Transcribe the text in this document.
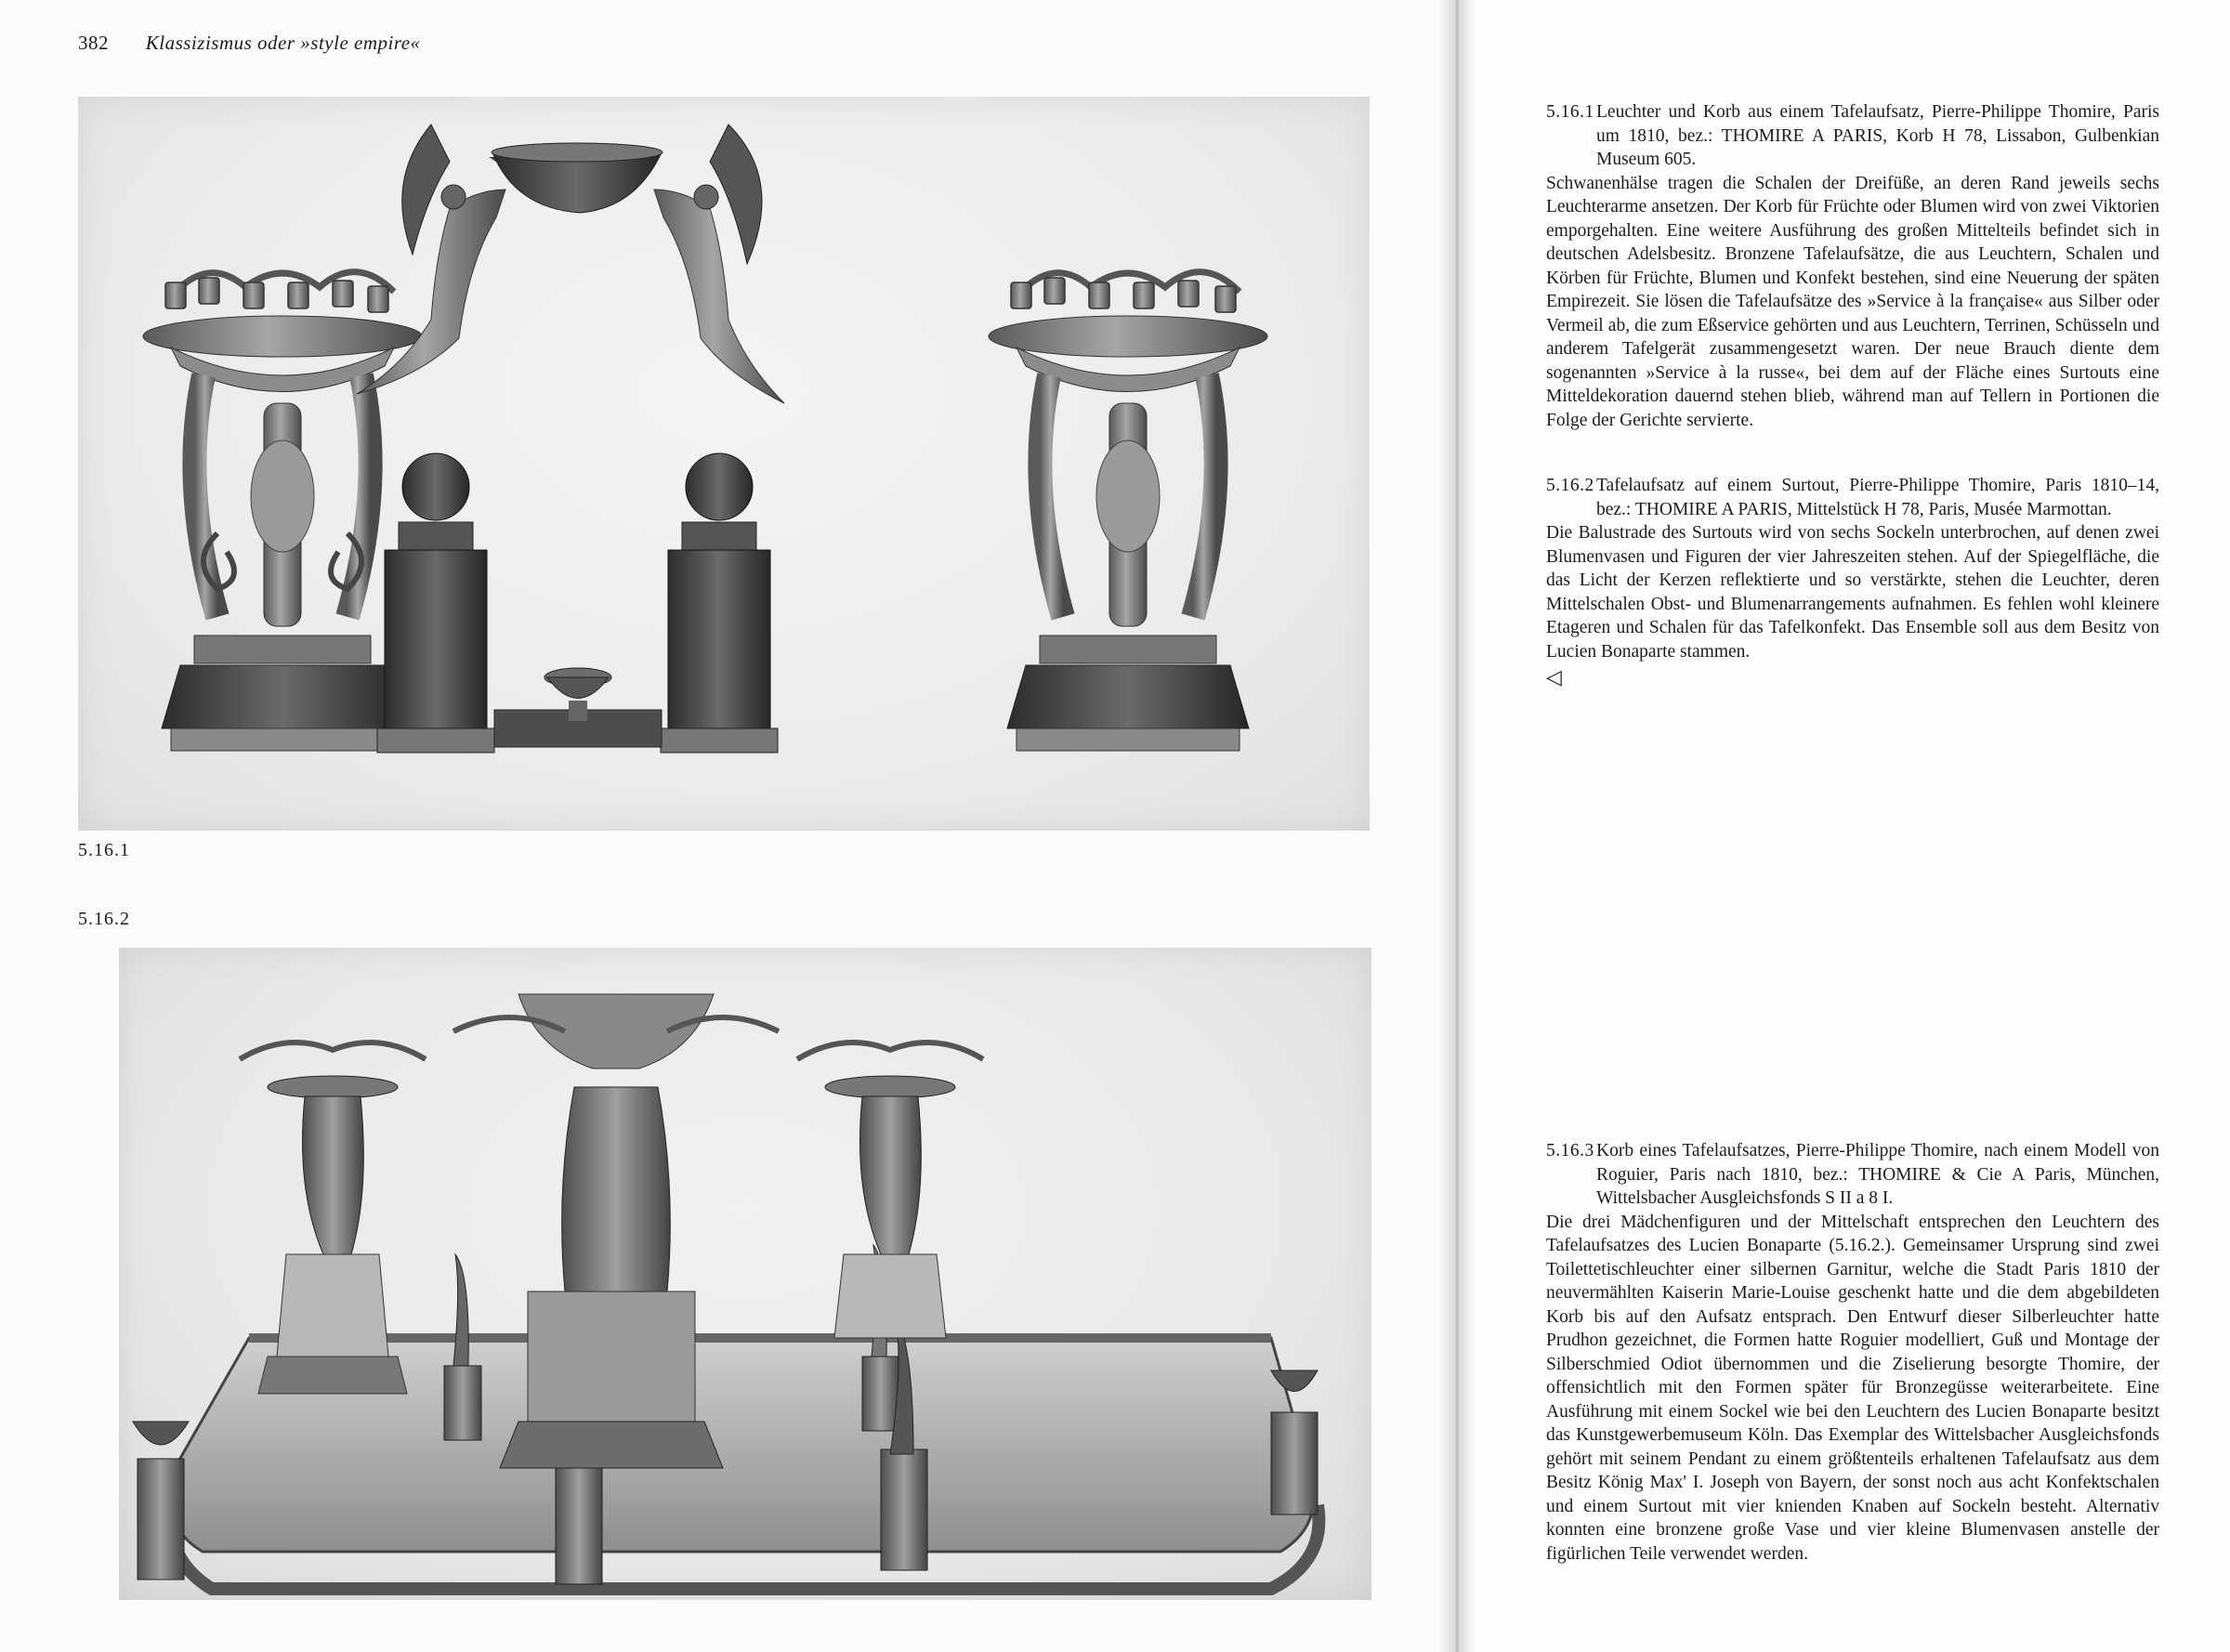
382 Klassizismus oder »style empire«
5.16.1
5.16.2

5.16.1 Leuchter und Korb aus einem Tafelaufsatz, Pierre-Philippe Thomire, Paris um 1810, bez.: THOMIRE A PARIS, Korb H 78, Lissabon, Gulbenkian Museum 605.

Schwanenhälse tragen die Schalen der Dreifüße, an deren Rand jeweils sechs Leuchterarme ansetzen. Der Korb für Früchte oder Blumen wird von zwei Viktorien emporgehalten. Eine weitere Ausführung des großen Mittelteils befindet sich in deutschen Adelsbesitz. Bronzene Tafelaufsätze, die aus Leuchtern, Schalen und Körben für Früchte, Blumen und Konfekt bestehen, sind eine Neuerung der späten Empirezeit. Sie lösen die Tafelaufsätze des »Service à la française« aus Silber oder Vermeil ab, die zum Eßservice gehörten und aus Leuchtern, Terrinen, Schüsseln und anderem Tafelgerät zusammengesetzt waren. Der neue Brauch diente dem sogenannten »Service à la russe«, bei dem auf der Fläche eines Surtouts eine Mitteldekoration dauernd stehen blieb, während man auf Tellern in Portionen die Folge der Gerichte servierte.

5.16.2 Tafelaufsatz auf einem Surtout, Pierre-Philippe Thomire, Paris 1810–14, bez.: THOMIRE A PARIS, Mittelstück H 78, Paris, Musée Marmottan.

Die Balustrade des Surtouts wird von sechs Sockeln unterbrochen, auf denen zwei Blumenvasen und Figuren der vier Jahreszeiten stehen. Auf der Spiegelfläche, die das Licht der Kerzen reflektierte und so verstärkte, stehen die Leuchter, deren Mittelschalen Obst- und Blumenarrangements aufnahmen. Es fehlen wohl kleinere Etageren und Schalen für das Tafelkonfekt. Das Ensemble soll aus dem Besitz von Lucien Bonaparte stammen.

◁

5.16.3 Korb eines Tafelaufsatzes, Pierre-Philippe Thomire, nach einem Modell von Roguier, Paris nach 1810, bez.: THOMIRE & Cie A Paris, München, Wittelsbacher Ausgleichsfonds S II a 8 I.

Die drei Mädchenfiguren und der Mittelschaft entsprechen den Leuchtern des Tafelaufsatzes des Lucien Bonaparte (5.16.2.). Gemeinsamer Ursprung sind zwei Toilettetischleuchter einer silbernen Garnitur, welche die Stadt Paris 1810 der neuvermählten Kaiserin Marie-Louise geschenkt hatte und die dem abgebildeten Korb bis auf den Aufsatz entsprach. Den Entwurf dieser Silberleuchter hatte Prudhon gezeichnet, die Formen hatte Roguier modelliert, Guß und Montage der Silberschmied Odiot übernommen und die Ziselierung besorgte Thomire, der offensichtlich mit den Formen später für Bronzegüsse weiterarbeitete. Eine Ausführung mit einem Sockel wie bei den Leuchtern des Lucien Bonaparte besitzt das Kunstgewerbemuseum Köln. Das Exemplar des Wittelsbacher Ausgleichsfonds gehört mit seinem Pendant zu einem größtenteils erhaltenen Tafelaufsatz aus dem Besitz König Max' I. Joseph von Bayern, der sonst noch aus acht Konfektschalen und einem Surtout mit vier knienden Knaben auf Sockeln besteht. Alternativ konnten eine bronzene große Vase und vier kleine Blumenvasen anstelle der figürlichen Teile verwendet werden.
